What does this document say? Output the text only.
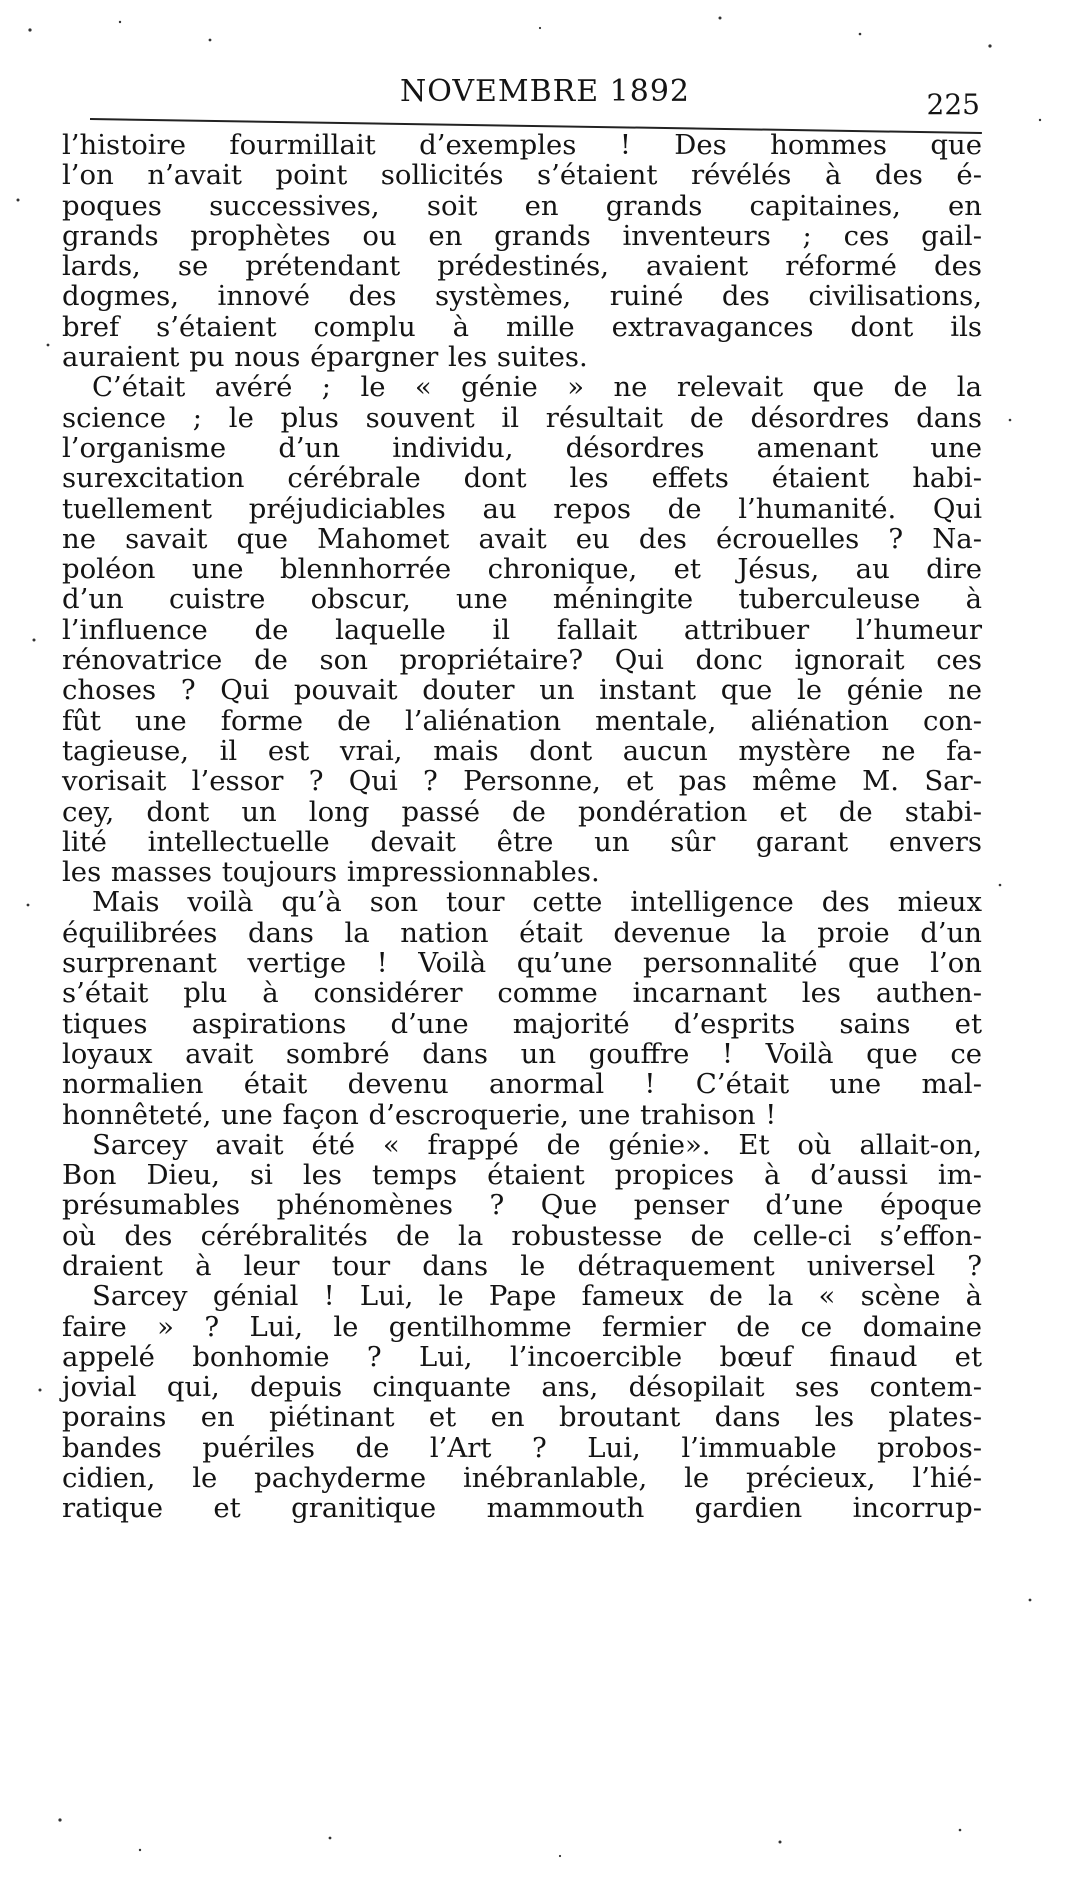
NOVEMBRE 1892	225
l’histoire fourmillait d’exemples ! Des hommes que
l’on n’avait point sollicités s’étaient révélés à des é-
poques successives, soit en grands capitaines, en
grands prophètes ou en grands inventeurs ; ces gail-
lards, se prétendant prédestinés, avaient réformé des
dogmes, innové des systèmes, ruiné des civilisations,
bref s’étaient complu à mille extravagances dont ils
auraient pu nous épargner les suites.
C’était avéré ; le « génie » ne relevait que de la
science ; le plus souvent il résultait de désordres dans
l’organisme d’un individu, désordres amenant une
surexcitation cérébrale dont les effets étaient habi-
tuellement préjudiciables au repos de l’humanité. Qui
ne savait que Mahomet avait eu des écrouelles ? Na-
poléon une blennhorrée chronique, et Jésus, au dire
d’un cuistre obscur, une méningite tuberculeuse à
l’influence de laquelle il fallait attribuer l’humeur
rénovatrice de son propriétaire? Qui donc ignorait ces
choses ? Qui pouvait douter un instant que le génie ne
fût une forme de l’aliénation mentale, aliénation con-
tagieuse, il est vrai, mais dont aucun mystère ne fa-
vorisait l’essor ? Qui ? Personne, et pas même M. Sar-
cey, dont un long passé de pondération et de stabi-
lité intellectuelle devait être un sûr garant envers
les masses toujours impressionnables.
Mais voilà qu’à son tour cette intelligence des mieux
équilibrées dans la nation était devenue la proie d’un
surprenant vertige ! Voilà qu’une personnalité que l’on
s’était plu à considérer comme incarnant les authen-
tiques aspirations d’une majorité d’esprits sains et
loyaux avait sombré dans un gouffre ! Voilà que ce
normalien était devenu anormal ! C’était une mal-
honnêteté, une façon d’escroquerie, une trahison !
Sarcey avait été « frappé de génie». Et où allait-on,
Bon Dieu, si les temps étaient propices à d’aussi im-
présumables phénomènes ? Que penser d’une époque
où des cérébralités de la robustesse de celle-ci s’effon-
draient à leur tour dans le détraquement universel ?
Sarcey génial ! Lui, le Pape fameux de la « scène à
faire » ? Lui, le gentilhomme fermier de ce domaine
appelé bonhomie ? Lui, l’incoercible bœuf finaud et
jovial qui, depuis cinquante ans, désopilait ses contem-
porains en piétinant et en broutant dans les plates-
bandes puériles de l’Art ? Lui, l’immuable probos-
cidien, le pachyderme inébranlable, le précieux, l’hié-
ratique et granitique mammouth gardien incorrup-
